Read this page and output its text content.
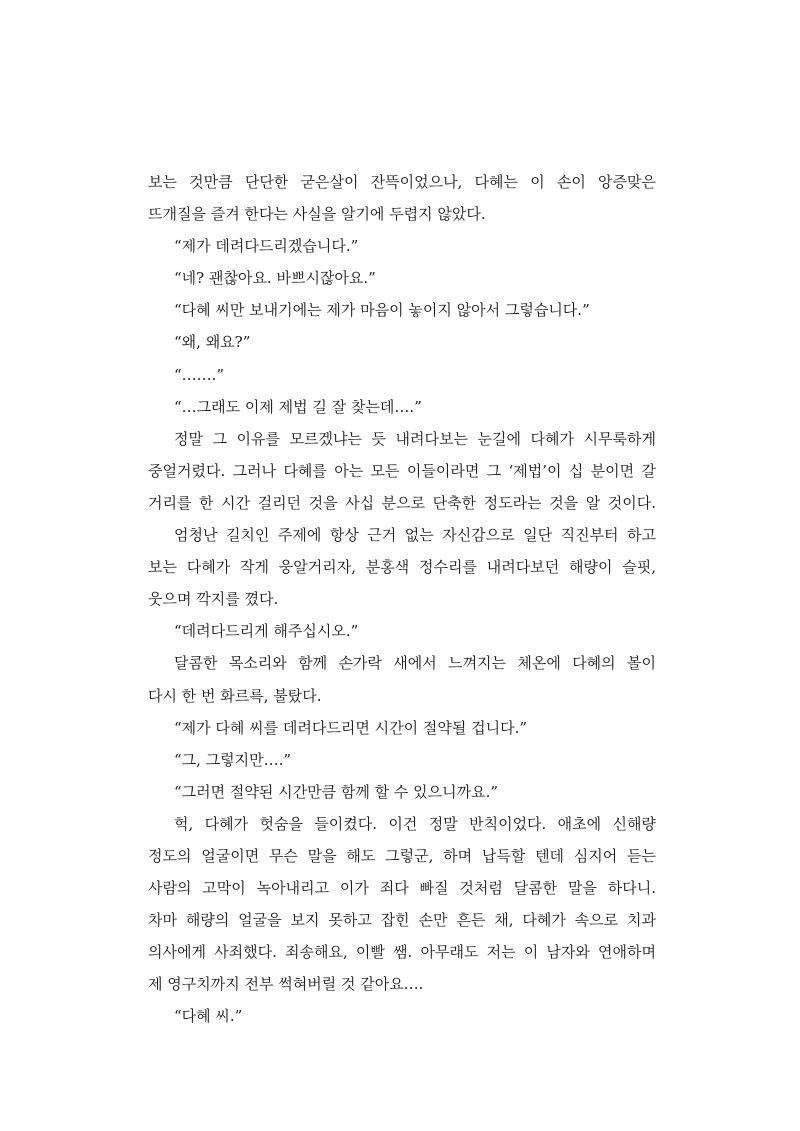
보는 것만큼 단단한 굳은살이 잔뜩이었으나, 다혜는 이 손이 앙증맞은
뜨개질을 즐겨 한다는 사실을 알기에 두렵지 않았다.
“제가 데려다드리겠습니다.”
“네? 괜찮아요. 바쁘시잖아요.”
“다혜 씨만 보내기에는 제가 마음이 놓이지 않아서 그렇습니다.”
“왜, 왜요?”
“…….”
“…그래도 이제 제법 길 잘 찾는데….”
정말 그 이유를 모르겠냐는 듯 내려다보는 눈길에 다혜가 시무룩하게
중얼거렸다. 그러나 다혜를 아는 모든 이들이라면 그 ‘제법’이 십 분이면 갈
거리를 한 시간 걸리던 것을 사십 분으로 단축한 정도라는 것을 알 것이다.
엄청난 길치인 주제에 항상 근거 없는 자신감으로 일단 직진부터 하고
보는 다혜가 작게 웅알거리자, 분홍색 정수리를 내려다보던 해량이 슬핏,
웃으며 깍지를 꼈다.
“데려다드리게 해주십시오.”
달콤한 목소리와 함께 손가락 새에서 느껴지는 체온에 다혜의 볼이
다시 한 번 화르륵, 불탔다.
“제가 다혜 씨를 데려다드리면 시간이 절약될 겁니다.”
“그, 그렇지만….”
“그러면 절약된 시간만큼 함께 할 수 있으니까요.”
헉, 다혜가 헛숨을 들이켰다. 이건 정말 반칙이었다. 애초에 신해량
정도의 얼굴이면 무슨 말을 해도 그렇군, 하며 납득할 텐데 심지어 듣는
사람의 고막이 녹아내리고 이가 죄다 빠질 것처럼 달콤한 말을 하다니.
차마 해량의 얼굴을 보지 못하고 잡힌 손만 흔든 채, 다혜가 속으로 치과
의사에게 사죄했다. 죄송해요, 이빨 쌤. 아무래도 저는 이 남자와 연애하며
제 영구치까지 전부 썩혀버릴 것 같아요….
“다혜 씨.”
